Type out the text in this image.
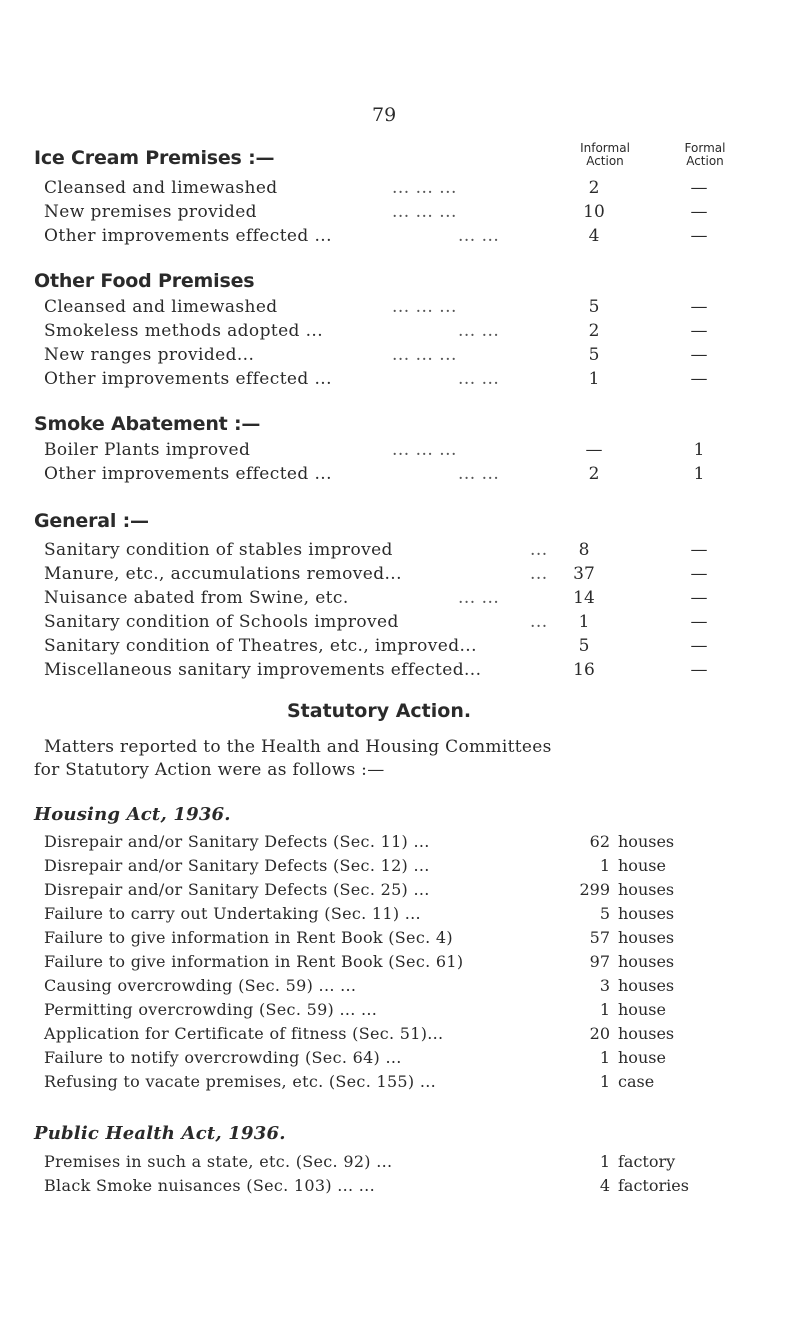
79
Informal
Action
Formal
Action
Ice Cream Premises :—
Cleansed and limewashed	... ... ...	2	—
New premises provided	... ... ...	10	—
Other improvements effected ...	... ...	4	—
Other Food Premises
Cleansed and limewashed	... ... ...	5	—
Smokeless methods adopted ...	... ...	2	—
New ranges provided...	... ... ...	5	—
Other improvements effected ...	... ...	1	—
Smoke Abatement :—
Boiler Plants improved	... ... ...	—	1
Other improvements effected ...	... ...	2	1
General :—
Sanitary condition of stables improved	...	8	—
Manure, etc., accumulations removed...	...	37	—
Nuisance abated from Swine, etc.	... ...	14	—
Sanitary condition of Schools improved	...	1	—
Sanitary condition of Theatres, etc., improved...	5	—
Miscellaneous sanitary improvements effected...	16	—
Statutory Action.
Matters reported to the Health and Housing Committees
for Statutory Action were as follows :—
Housing Act, 1936.
Disrepair and/or Sanitary Defects (Sec. 11) ...	62 houses
Disrepair and/or Sanitary Defects (Sec. 12) ...	1 house
Disrepair and/or Sanitary Defects (Sec. 25) ...	299 houses
Failure to carry out Undertaking (Sec. 11) ...	5 houses
Failure to give information in Rent Book (Sec. 4)	57 houses
Failure to give information in Rent Book (Sec. 61)	97 houses
Causing overcrowding (Sec. 59) ... ...	3 houses
Permitting overcrowding (Sec. 59) ... ...	1 house
Application for Certificate of fitness (Sec. 51)...	20 houses
Failure to notify overcrowding (Sec. 64) ...	1 house
Refusing to vacate premises, etc. (Sec. 155) ...	1 case
Public Health Act, 1936.
Premises in such a state, etc. (Sec. 92) ...	1 factory
Black Smoke nuisances (Sec. 103) ... ...	4 factories
